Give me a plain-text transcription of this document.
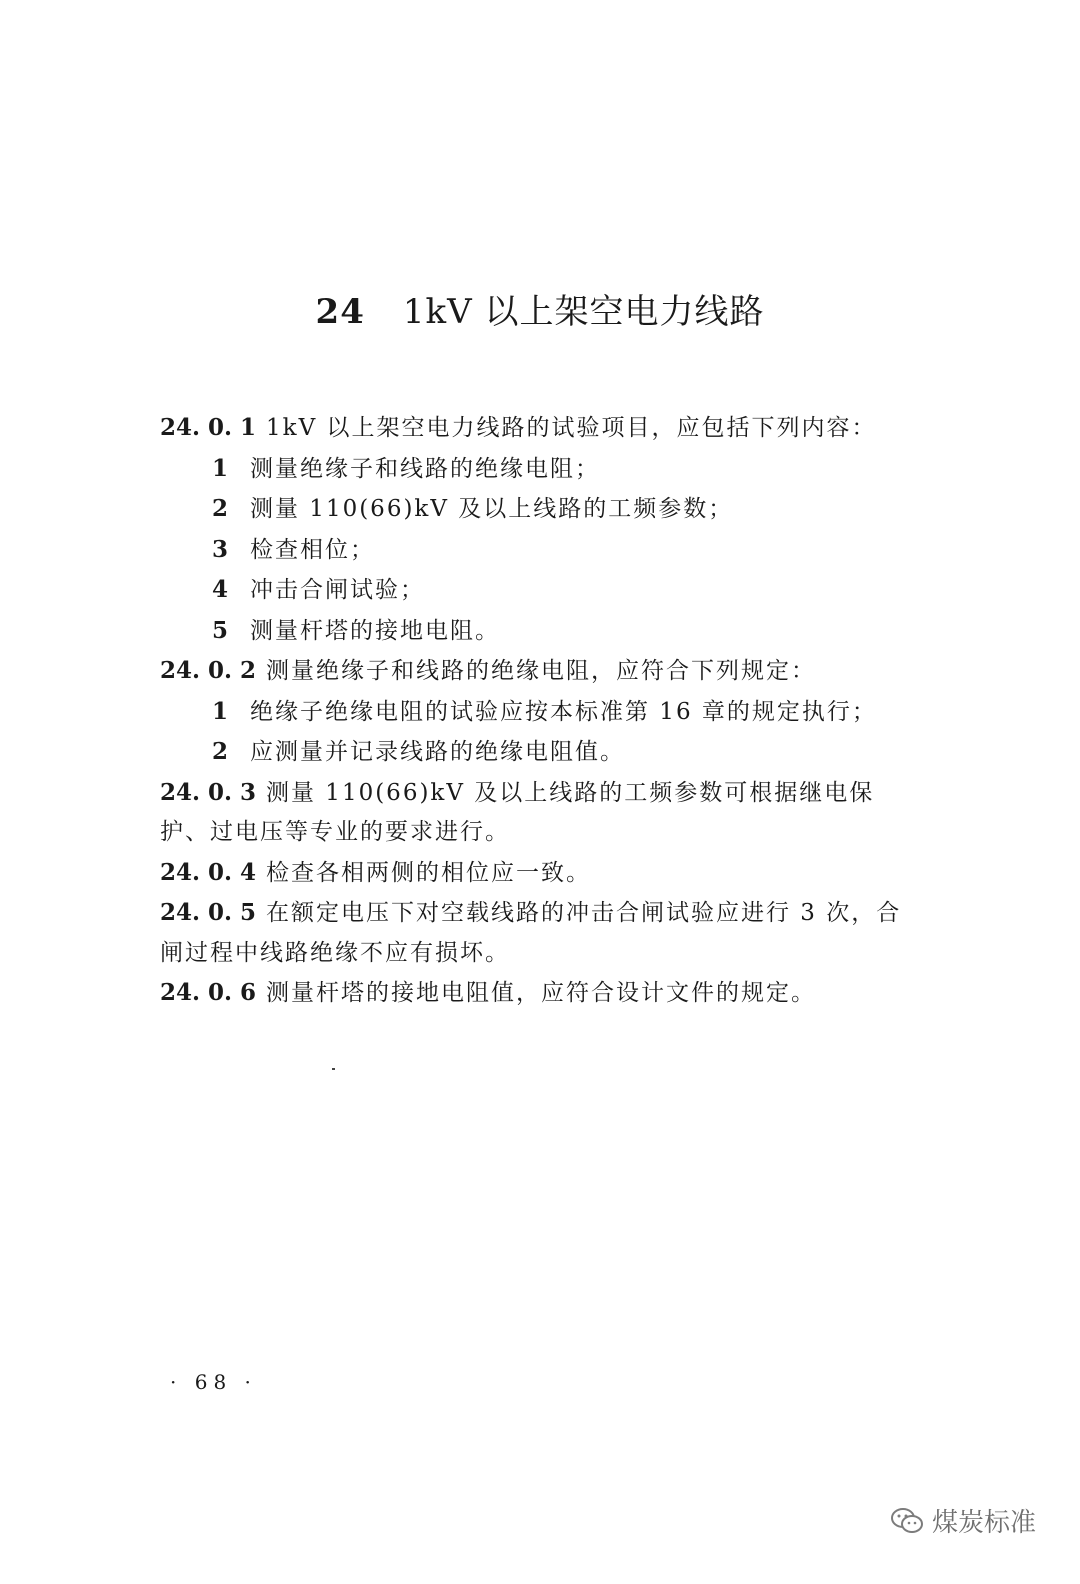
24 1kV 以上架空电力线路
24. 0. 1 1kV 以上架空电力线路的试验项目，应包括下列内容：
1 测量绝缘子和线路的绝缘电阻；
2 测量 110(66)kV 及以上线路的工频参数；
3 检查相位；
4 冲击合闸试验；
5 测量杆塔的接地电阻。
24. 0. 2 测量绝缘子和线路的绝缘电阻，应符合下列规定：
1 绝缘子绝缘电阻的试验应按本标准第 16 章的规定执行；
2 应测量并记录线路的绝缘电阻值。
24. 0. 3 测量 110(66)kV 及以上线路的工频参数可根据继电保护、过电压等专业的要求进行。
24. 0. 4 检查各相两侧的相位应一致。
24. 0. 5 在额定电压下对空载线路的冲击合闸试验应进行 3 次，合闸过程中线路绝缘不应有损坏。
24. 0. 6 测量杆塔的接地电阻值，应符合设计文件的规定。
· 68 ·
煤炭标准
